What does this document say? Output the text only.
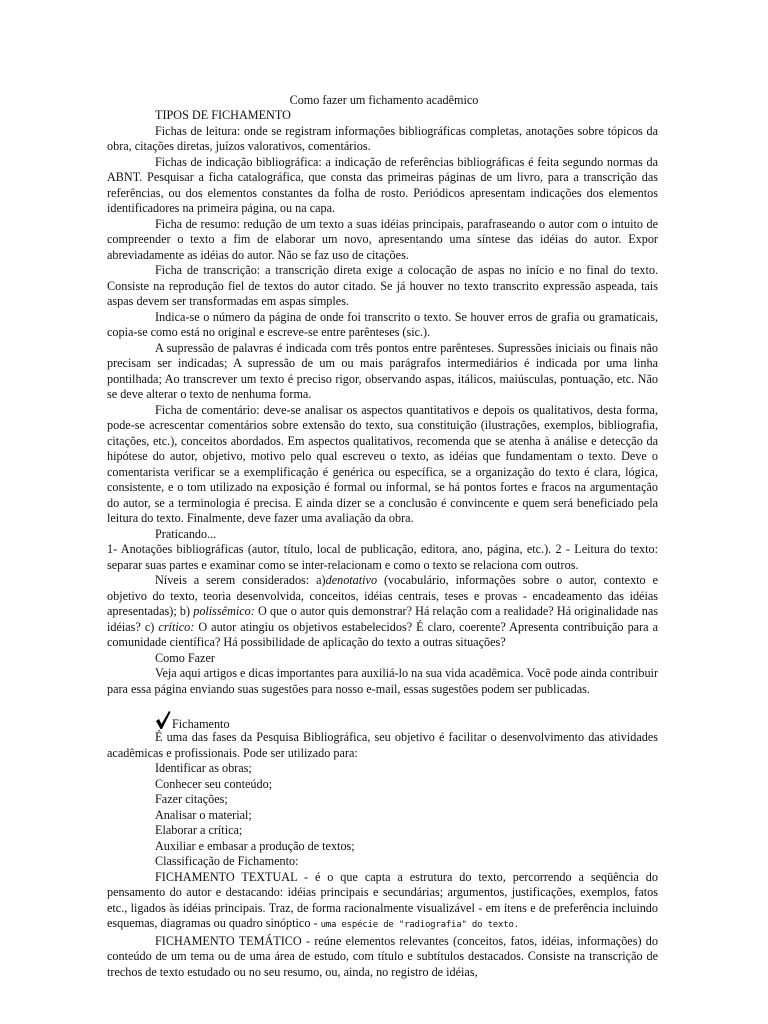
Como fazer um fichamento acadêmico

TIPOS DE FICHAMENTO

Fichas de leitura: onde se registram informações bibliográficas completas, anotações sobre tópicos da obra, citações diretas, juízos valorativos, comentários.

Fichas de indicação bibliográfica: a indicação de referências bibliográficas é feita segundo normas da ABNT. Pesquisar a ficha catalográfica, que consta das primeiras páginas de um livro, para a transcrição das referências, ou dos elementos constantes da folha de rosto. Periódicos apresentam indicações dos elementos identificadores na primeira página, ou na capa.

Ficha de resumo: redução de um texto a suas idéias principais, parafraseando o autor com o intuito de compreender o texto a fim de elaborar um novo, apresentando uma síntese das idéias do autor. Expor abreviadamente as idéias do autor. Não se faz uso de citações.

Ficha de transcrição: a transcrição direta exige a colocação de aspas no início e no final do texto. Consiste na reprodução fiel de textos do autor citado. Se já houver no texto transcrito expressão aspeada, tais aspas devem ser transformadas em aspas simples.

Indica-se o número da página de onde foi transcrito o texto. Se houver erros de grafia ou gramaticais, copia-se como está no original e escreve-se entre parênteses (sic.).

A supressão de palavras é indicada com três pontos entre parênteses. Supressões iniciais ou finais não precisam ser indicadas; A supressão de um ou mais parágrafos intermediários é indicada por uma linha pontilhada; Ao transcrever um texto é preciso rigor, observando aspas, itálicos, maiúsculas, pontuação, etc. Não se deve alterar o texto de nenhuma forma.

Ficha de comentário: deve-se analisar os aspectos quantitativos e depois os qualitativos, desta forma, pode-se acrescentar comentários sobre extensão do texto, sua constituição (ilustrações, exemplos, bibliografia, citações, etc.), conceitos abordados. Em aspectos qualitativos, recomenda que se atenha à análise e detecção da hipótese do autor, objetivo, motivo pelo qual escreveu o texto, as idéias que fundamentam o texto. Deve o comentarista verificar se a exemplificação é genérica ou específica, se a organização do texto é clara, lógica, consistente, e o tom utilizado na exposição é formal ou informal, se há pontos fortes e fracos na argumentação do autor, se a terminologia é precisa. E ainda dizer se a conclusão é convincente e quem será beneficiado pela leitura do texto. Finalmente, deve fazer uma avaliação da obra.

Praticando...

1- Anotações bibliográficas (autor, título, local de publicação, editora, ano, página, etc.). 2 - Leitura do texto: separar suas partes e examinar como se inter-relacionam e como o texto se relaciona com outros.

Níveis a serem considerados: a)denotativo (vocabulário, informações sobre o autor, contexto e objetivo do texto, teoria desenvolvida, conceitos, idéias centrais, teses e provas - encadeamento das idéias apresentadas); b) polissêmico: O que o autor quis demonstrar? Há relação com a realidade? Há originalidade nas idéias? c) crítico: O autor atingiu os objetivos estabelecidos? É claro, coerente? Apresenta contribuição para a comunidade científica? Há possibilidade de aplicação do texto a outras situações?

Como Fazer

Veja aqui artigos e dicas importantes para auxiliá-lo na sua vida acadêmica. Você pode ainda contribuir para essa página enviando suas sugestões para nosso e-mail, essas sugestões podem ser publicadas.

Fichamento

É uma das fases da Pesquisa Bibliográfica, seu objetivo é facilitar o desenvolvimento das atividades acadêmicas e profissionais. Pode ser utilizado para:

Identificar as obras;
Conhecer seu conteúdo;
Fazer citações;
Analisar o material;
Elaborar a crítica;
Auxiliar e embasar a produção de textos;
Classificação de Fichamento:

FICHAMENTO TEXTUAL - é o que capta a estrutura do texto, percorrendo a seqüência do pensamento do autor e destacando: idéias principais e secundárias; argumentos, justificações, exemplos, fatos etc., ligados às idéias principais. Traz, de forma racionalmente visualizável - em itens e de preferência incluindo esquemas, diagramas ou quadro sinóptico - uma espécie de "radiografia" do texto.

FICHAMENTO TEMÁTICO - reúne elementos relevantes (conceitos, fatos, idéias, informações) do conteúdo de um tema ou de uma área de estudo, com título e subtítulos destacados. Consiste na transcrição de trechos de texto estudado ou no seu resumo, ou, ainda, no registro de idéias,
